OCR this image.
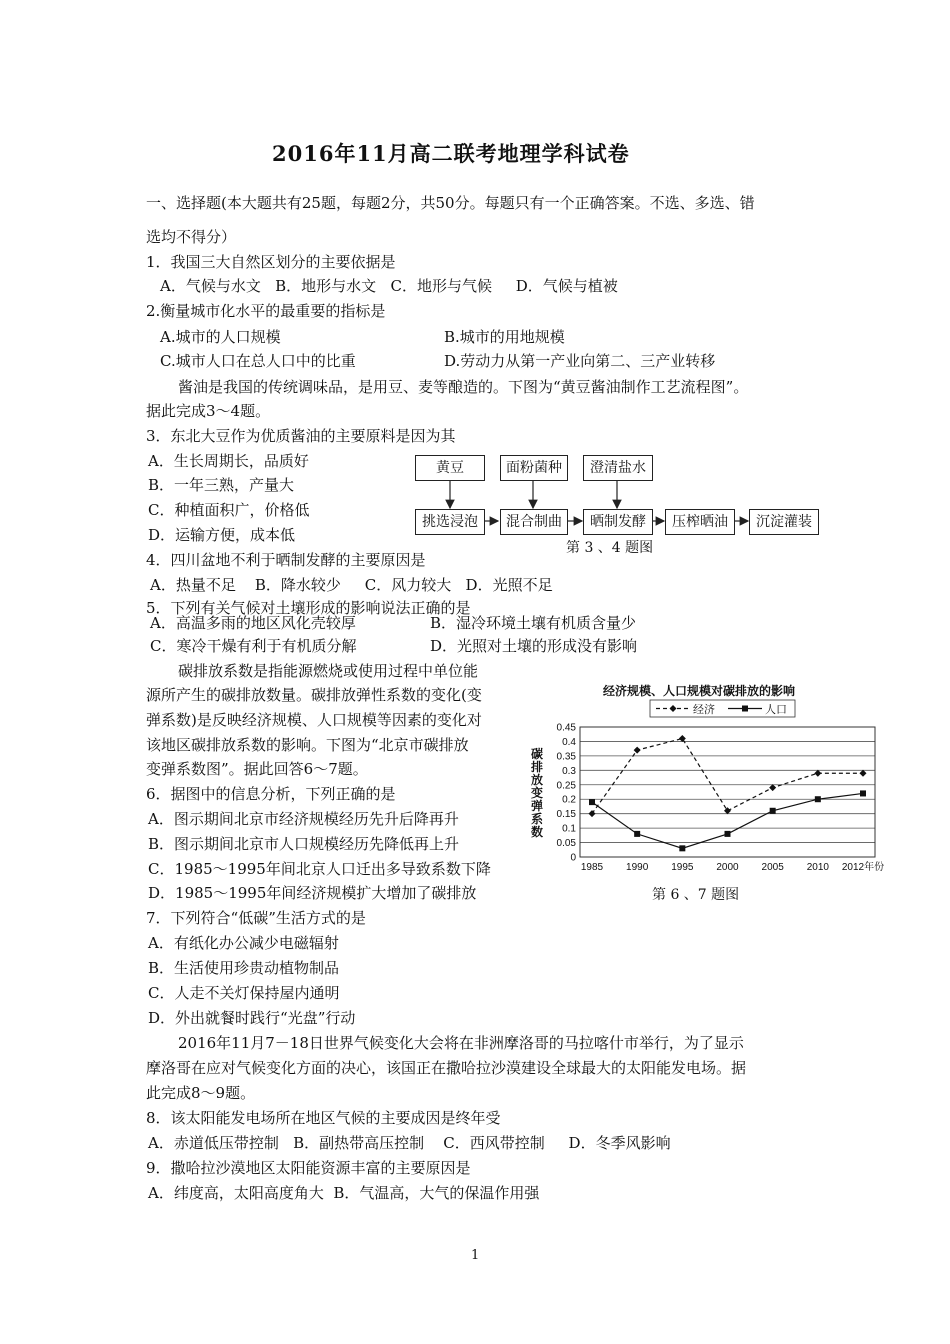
2016年11月高二联考地理学科试卷
一、选择题(本大题共有25题，每题2分，共50分。每题只有一个正确答案。不选、多选、错
选均不得分）
1．我国三大自然区划分的主要依据是
A．气候与水文   B．地形与水文   C．地形与气候     D．气候与植被
2.衡量城市化水平的最重要的指标是
A.城市的人口规模	B.城市的用地规模
C.城市人口在总人口中的比重	D.劳动力从第一产业向第二、三产业转移
酱油是我国的传统调味品，是用豆、麦等酿造的。下图为“黄豆酱油制作工艺流程图”。
据此完成3～4题。
3．东北大豆作为优质酱油的主要原料是因为其
A．生长周期长，品质好
B．一年三熟，产量大
C．种植面积广，价格低
D．运输方便，成本低
黄豆	面粉菌种	澄清盐水
挑选浸泡	混合制曲	晒制发酵	压榨晒油	沉淀灌装
第 3 、4 题图
4．四川盆地不利于晒制发酵的主要原因是
A．热量不足    B．降水较少     C．风力较大   D．光照不足
5．下列有关气候对土壤形成的影响说法正确的是
A．高温多雨的地区风化壳较厚	B．湿冷环境土壤有机质含量少
C．寒冷干燥有利于有机质分解	D．光照对土壤的形成没有影响
碳排放系数是指能源燃烧或使用过程中单位能
源所产生的碳排放数量。碳排放弹性系数的变化(变
弹系数)是反映经济规模、人口规模等因素的变化对
该地区碳排放系数的影响。下图为“北京市碳排放
变弹系数图”。据此回答6～7题。
6．据图中的信息分析，下列正确的是
A．图示期间北京市经济规模经历先升后降再升
B．图示期间北京市人口规模经历先降低再上升
C．1985～1995年间北京人口迁出多导致系数下降
D．1985～1995年间经济规模扩大增加了碳排放
经济规模、人口规模对碳排放的影响
经济	人口
0
0.05
0.1
0.15
0.2
0.25
0.3
0.35
0.4
0.45
1985 1990 1995 2000 2005 2010 2012年份
碳排放变弹系数
第 6 、7 题图
7．下列符合“低碳”生活方式的是
A．有纸化办公减少电磁辐射
B．生活使用珍贵动植物制品
C．人走不关灯保持屋内通明
D．外出就餐时践行“光盘”行动
2016年11月7－18日世界气候变化大会将在非洲摩洛哥的马拉喀什市举行，为了显示
摩洛哥在应对气候变化方面的决心，该国正在撒哈拉沙漠建设全球最大的太阳能发电场。据
此完成8～9题。
8．该太阳能发电场所在地区气候的主要成因是终年受
A．赤道低压带控制   B．副热带高压控制    C．西风带控制     D．冬季风影响
9．撒哈拉沙漠地区太阳能资源丰富的主要原因是
A．纬度高，太阳高度角大  B．气温高，大气的保温作用强
1
